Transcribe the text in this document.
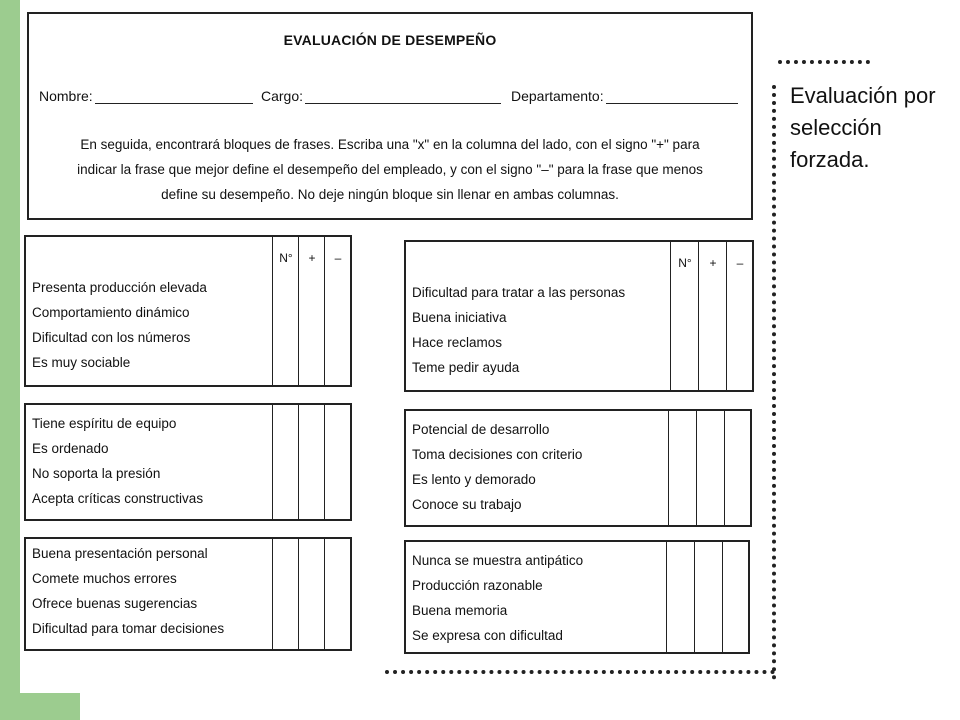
EVALUACIÓN DE DESEMPEÑO
Nombre:	Cargo:	Departamento:
En seguida, encontrará bloques de frases. Escriba una "x" en la columna del lado, con el signo "+" para
indicar la frase que mejor define el desempeño del empleado, y con el signo "–" para la frase que menos
define su desempeño. No deje ningún bloque sin llenar en ambas columnas.
Presenta producción elevada
Comportamiento dinámico
Dificultad con los números
Es muy sociable
N°	+	–
Dificultad para tratar a las personas
Buena iniciativa
Hace reclamos
Teme pedir ayuda
N°	+	–
Tiene espíritu de equipo
Es ordenado
No soporta la presión
Acepta críticas constructivas
Potencial de desarrollo
Toma decisiones con criterio
Es lento y demorado
Conoce su trabajo
Buena presentación personal
Comete muchos errores
Ofrece buenas sugerencias
Dificultad para tomar decisiones
Nunca se muestra antipático
Producción razonable
Buena memoria
Se expresa con dificultad
Evaluación por
selección forzada.
